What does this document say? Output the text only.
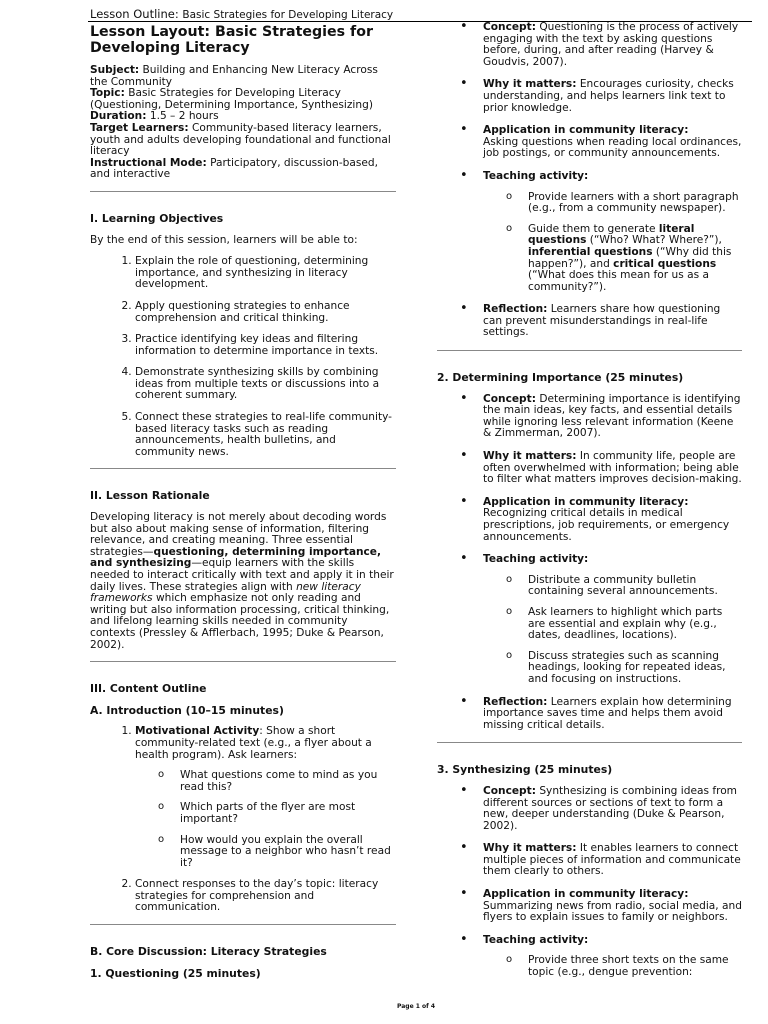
Lesson Outline: Basic Strategies for Developing Literacy
Lesson Layout: Basic Strategies for Developing Literacy

Subject: Building and Enhancing New Literacy Across the Community

Topic: Basic Strategies for Developing Literacy (Questioning, Determining Importance, Synthesizing)

Duration: 1.5 – 2 hours

Target Learners: Community-based literacy learners, youth and adults developing foundational and functional literacy

Instructional Mode: Participatory, discussion-based, and interactive

I. Learning Objectives

By the end of this session, learners will be able to:

1. Explain the role of questioning, determining importance, and synthesizing in literacy development.
2. Apply questioning strategies to enhance comprehension and critical thinking.
3. Practice identifying key ideas and filtering information to determine importance in texts.
4. Demonstrate synthesizing skills by combining ideas from multiple texts or discussions into a coherent summary.
5. Connect these strategies to real-life community-based literacy tasks such as reading announcements, health bulletins, and community news.
II. Lesson Rationale

Developing literacy is not merely about decoding words but also about making sense of information, filtering relevance, and creating meaning. Three essential strategies—questioning, determining importance, and synthesizing—equip learners with the skills needed to interact critically with text and apply it in their daily lives. These strategies align with new literacy frameworks which emphasize not only reading and writing but also information processing, critical thinking, and lifelong learning skills needed in community contexts (Pressley & Afflerbach, 1995; Duke & Pearson, 2002).

III. Content Outline
A. Introduction (10–15 minutes)
1. Motivational Activity: Show a short community-related text (e.g., a flyer about a health program). Ask learners:
o What questions come to mind as you read this?
o Which parts of the flyer are most important?
o How would you explain the overall message to a neighbor who hasn’t read it?
2. Connect responses to the day’s topic: literacy strategies for comprehension and communication.
B. Core Discussion: Literacy Strategies
1. Questioning (25 minutes)
• Concept: Questioning is the process of actively engaging with the text by asking questions before, during, and after reading (Harvey & Goudvis, 2007).
• Why it matters: Encourages curiosity, checks understanding, and helps learners link text to prior knowledge.
• Application in community literacy:
Asking questions when reading local ordinances, job postings, or community announcements.
• Teaching activity:
o Provide learners with a short paragraph (e.g., from a community newspaper).
o Guide them to generate literal questions (“Who? What? Where?”), inferential questions (“Why did this happen?”), and critical questions (“What does this mean for us as a community?”).
• Reflection: Learners share how questioning can prevent misunderstandings in real-life settings.
2. Determining Importance (25 minutes)
• Concept: Determining importance is identifying the main ideas, key facts, and essential details while ignoring less relevant information (Keene & Zimmerman, 2007).
• Why it matters: In community life, people are often overwhelmed with information; being able to filter what matters improves decision-making.
• Application in community literacy:
Recognizing critical details in medical prescriptions, job requirements, or emergency announcements.
• Teaching activity:
o Distribute a community bulletin containing several announcements.
o Ask learners to highlight which parts are essential and explain why (e.g., dates, deadlines, locations).
o Discuss strategies such as scanning headings, looking for repeated ideas, and focusing on instructions.
• Reflection: Learners explain how determining importance saves time and helps them avoid missing critical details.
3. Synthesizing (25 minutes)
• Concept: Synthesizing is combining ideas from different sources or sections of text to form a new, deeper understanding (Duke & Pearson, 2002).
• Why it matters: It enables learners to connect multiple pieces of information and communicate them clearly to others.
• Application in community literacy:
Summarizing news from radio, social media, and flyers to explain issues to family or neighbors.
• Teaching activity:
o Provide three short texts on the same topic (e.g., dengue prevention:
Page 1 of 4
